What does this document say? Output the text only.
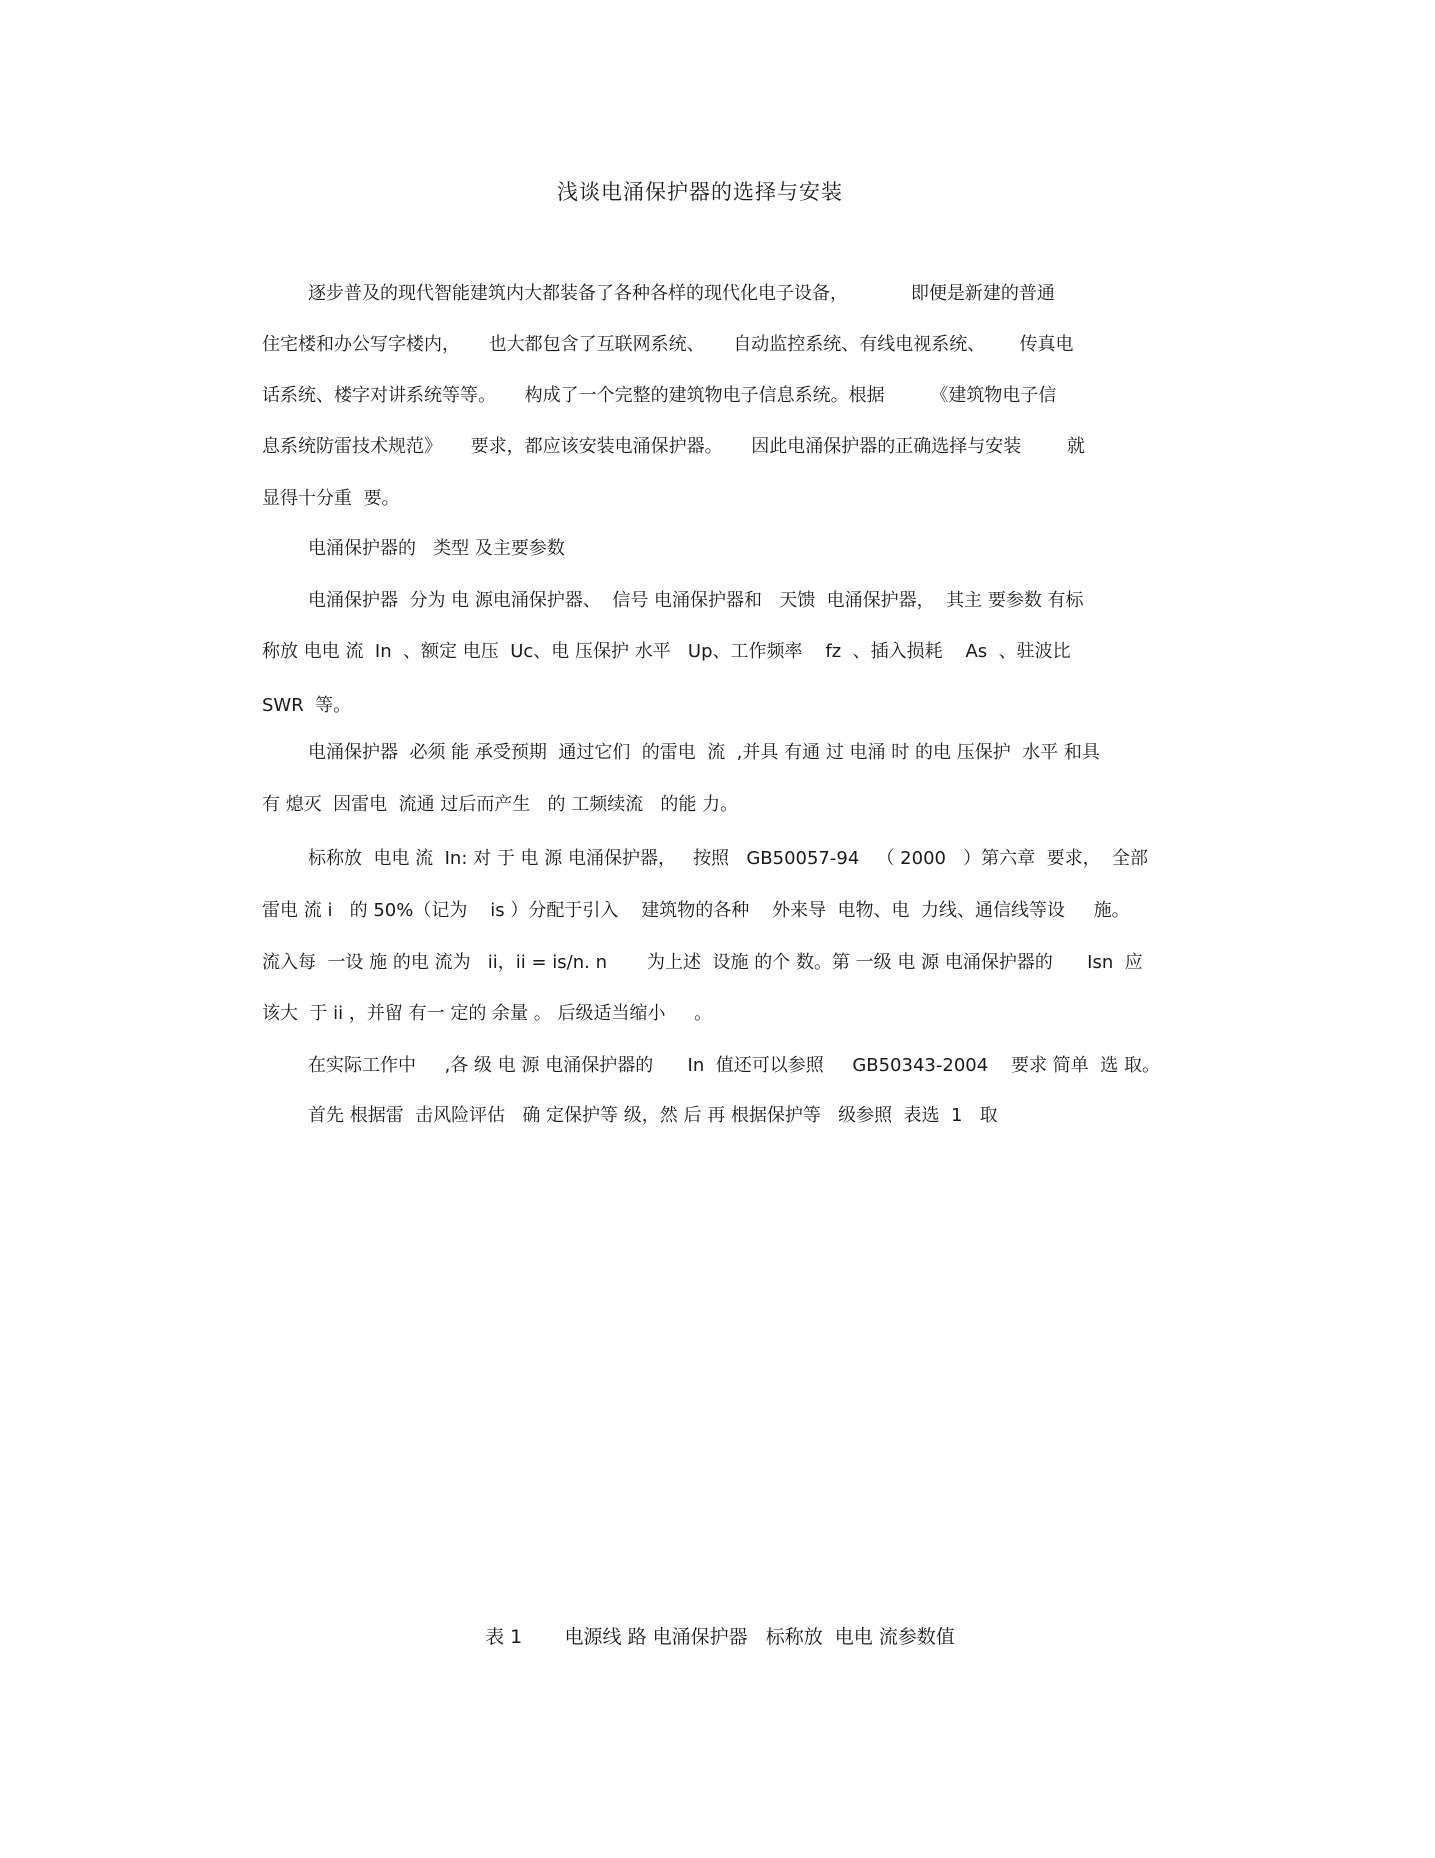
浅谈电涌保护器的选择与安装
逐步普及的现代智能建筑内大都装备了各种各样的现代化电子设备，           即便是新建的普通
住宅楼和办公写字楼内，     也大都包含了互联网系统、     自动监控系统、有线电视系统、      传真电
话系统、楼字对讲系统等等。     构成了一个完整的建筑物电子信息系统。根据        《建筑物电子信
息系统防雷技术规范》     要求，都应该安装电涌保护器。     因此电涌保护器的正确选择与安装        就
显得十分重  要。
电涌保护器的   类型 及主要参数
电涌保护器  分为 电 源电涌保护器、  信号 电涌保护器和   天馈  电涌保护器，  其主 要参数 有标
称放 电电 流  In  、额定 电压  Uc、电 压保护 水平   Up、工作频率    fz  、插入损耗    As  、驻波比
SWR  等。
电涌保护器  必须 能 承受预期  通过它们  的雷电  流  ,并具 有通 过 电涌 时 的电 压保护  水平 和具
有 熄灭  因雷电  流通 过后而产生   的 工频续流   的能 力。
标称放  电电 流  In: 对 于 电 源 电涌保护器，   按照   GB50057-94   （ 2000   ）第六章  要求，  全部
雷电 流 i   的 50%（记为    is ）分配于引入    建筑物的各种    外来导  电物、电  力线、通信线等设     施。
流入每  一设 施 的电 流为   ii，ii = is/n. n       为上述  设施 的个 数。第 一级 电 源 电涌保护器的      Isn  应
该大  于 ii ，并留 有一 定的 余量 。 后级适当缩小     。
在实际工作中     ,各 级 电 源 电涌保护器的      In  值还可以参照     GB50343-2004    要求 简单  选 取。
首先 根据雷  击风险评估   确 定保护等 级，然 后 再 根据保护等   级参照  表选  1   取
表 1       电源线 路 电涌保护器   标称放  电电 流参数值
